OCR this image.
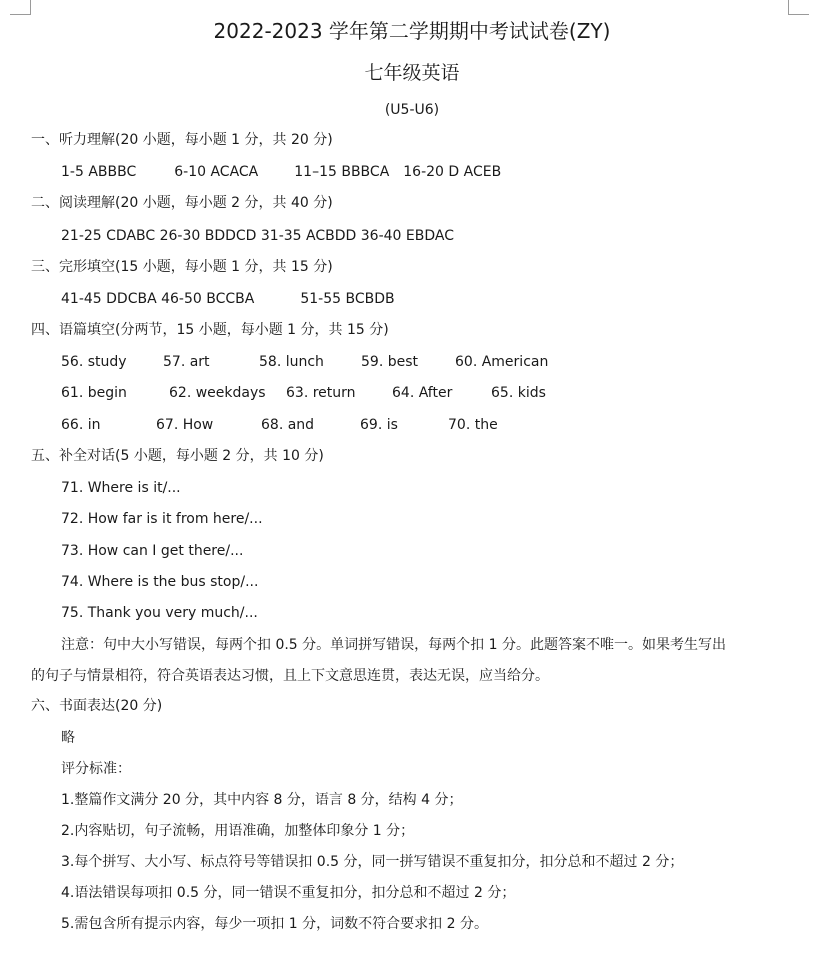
2022-2023 学年第二学期期中考试试卷(ZY)
七年级英语
(U5-U6)
一、听力理解(20 小题，每小题 1 分，共 20 分)
1-5 ABBBC	6-10 ACACA	11–15 BBBCA 16-20 D ACEB
二、阅读理解(20 小题，每小题 2 分，共 40 分)
21-25 CDABC 26-30 BDDCD 31-35 ACBDD 36-40 EBDAC
三、完形填空(15 小题，每小题 1 分，共 15 分)
41-45 DDCBA 46-50 BCCBA	51-55 BCBDB
四、语篇填空(分两节，15 小题，每小题 1 分，共 15 分)
56. study	57. art	58. lunch	59. best	60. American
61. begin	62. weekdays 63. return	64. After	65. kids
66. in	67. How	68. and	69. is	70. the
五、补全对话(5 小题，每小题 2 分，共 10 分)
71. Where is it/...
72. How far is it from here/...
73. How can I get there/...
74. Where is the bus stop/...
75. Thank you very much/...
注意：句中大小写错误，每两个扣 0.5 分。单词拼写错误，每两个扣 1 分。此题答案不唯一。如果考生写出
的句子与情景相符，符合英语表达习惯，且上下文意思连贯，表达无误，应当给分。
六、书面表达(20 分)
略
评分标准：
1.整篇作文满分 20 分，其中内容 8 分，语言 8 分，结构 4 分；
2.内容贴切，句子流畅，用语准确，加整体印象分 1 分；
3.每个拼写、大小写、标点符号等错误扣 0.5 分，同一拼写错误不重复扣分，扣分总和不超过 2 分；
4.语法错误每项扣 0.5 分，同一错误不重复扣分，扣分总和不超过 2 分；
5.需包含所有提示内容，每少一项扣 1 分，词数不符合要求扣 2 分。
